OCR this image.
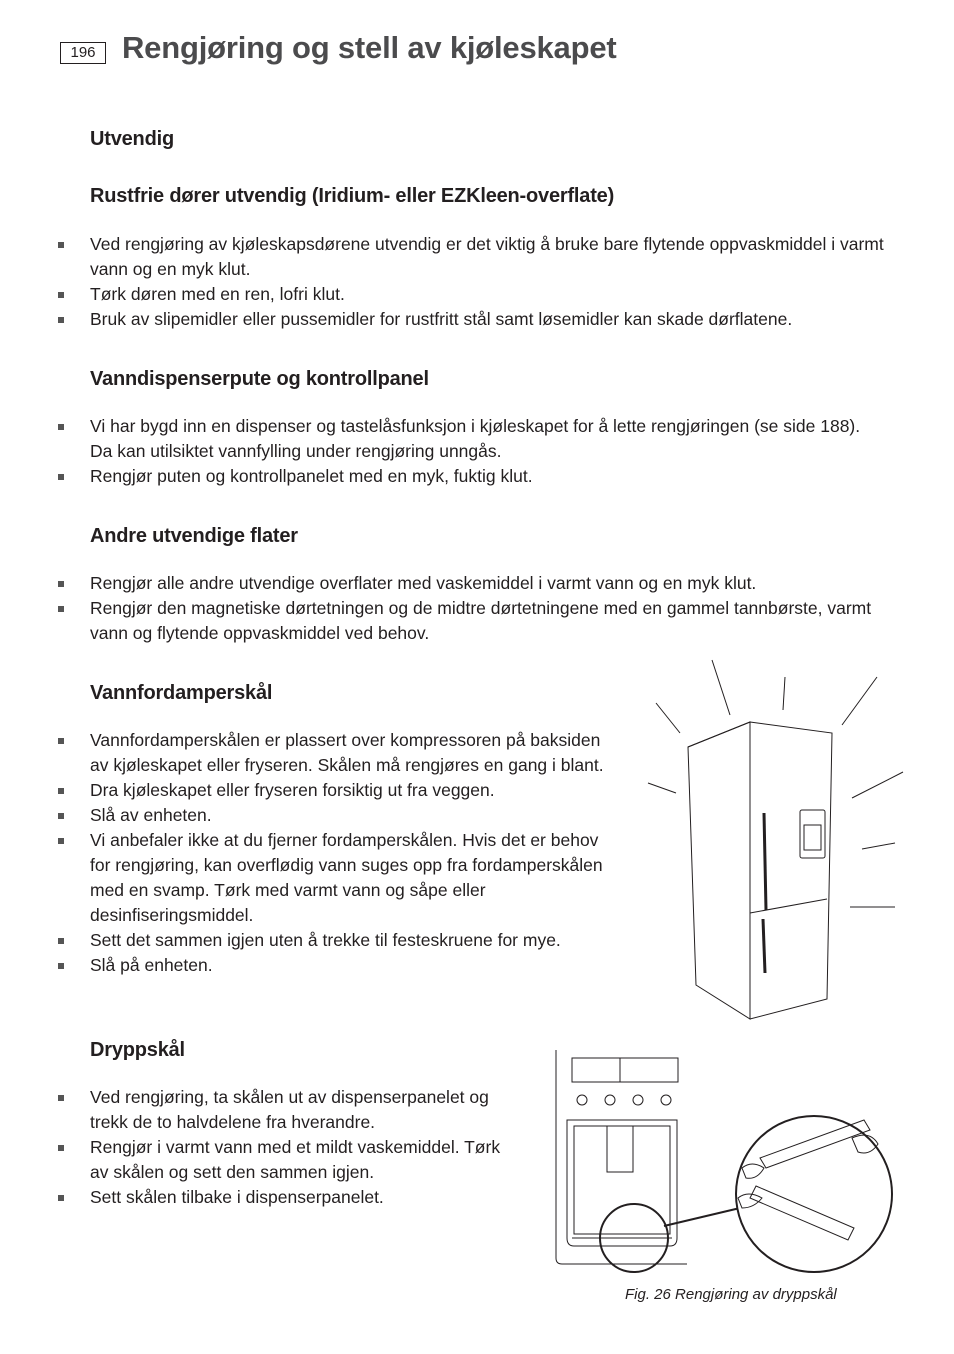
196 Rengjøring og stell av kjøleskapet
Utvendig
Rustfrie dører utvendig (Iridium- eller EZKleen-overflate)
Ved rengjøring av kjøleskapsdørene utvendig er det viktig å bruke bare flytende oppvaskmiddel i varmt vann og en myk klut.
Tørk døren med en ren, lofri klut.
Bruk av slipemidler eller pussemidler for rustfritt stål samt løsemidler kan skade dørflatene.
Vanndispenserpute og kontrollpanel
Vi har bygd inn en dispenser og tastelåsfunksjon i kjøleskapet for å lette rengjøringen (se side 188). Da kan utilsiktet vannfylling under rengjøring unngås.
Rengjør puten og kontrollpanelet med en myk, fuktig klut.
Andre utvendige flater
Rengjør alle andre utvendige overflater med vaskemiddel i varmt vann og en myk klut.
Rengjør den magnetiske dørtetningen og de midtre dørtetningene med en gammel tannbørste, varmt vann og flytende oppvaskmiddel ved behov.
Vannfordamperskål
Vannfordamperskålen er plassert over kompressoren på baksiden av kjøleskapet eller fryseren. Skålen må rengjøres en gang i blant.
Dra kjøleskapet eller fryseren forsiktig ut fra veggen.
Slå av enheten.
Vi anbefaler ikke at du fjerner fordamperskålen. Hvis det er behov for rengjøring, kan overflødig vann suges opp fra fordamperskålen med en svamp. Tørk med varmt vann og såpe eller desinfiseringsmiddel.
Sett det sammen igjen uten å trekke til festeskruene for mye.
Slå på enheten.
Dryppskål
Ved rengjøring, ta skålen ut av dispenserpanelet og trekk de to halvdelene fra hverandre.
Rengjør i varmt vann med et mildt vaskemiddel. Tørk av skålen og sett den sammen igjen.
Sett skålen tilbake i dispenserpanelet.
Fig. 26 Rengjøring av dryppskål
